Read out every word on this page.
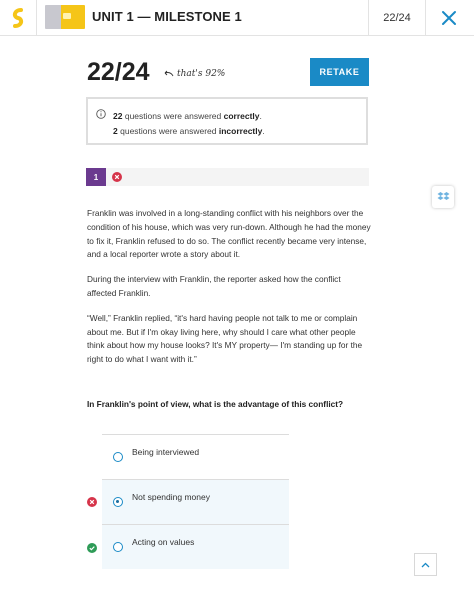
UNIT 1 — MILESTONE 1	22/24
22/24	that's 92%	RETAKE
22 questions were answered correctly.
2 questions were answered incorrectly.
1

Franklin was involved in a long-standing conflict with his neighbors over the condition of his house, which was very run-down. Although he had the money to fix it, Franklin refused to do so. The conflict recently became very intense, and a local reporter wrote a story about it.

During the interview with Franklin, the reporter asked how the conflict affected Franklin.

“Well,” Franklin replied, “it's hard having people not talk to me or complain about me. But if I'm okay living here, why should I care what other people think about how my house looks? It's MY property— I'm standing up for the right to do what I want with it.”

In Franklin's point of view, what is the advantage of this conflict?
Being interviewed
Not spending money
Acting on values
